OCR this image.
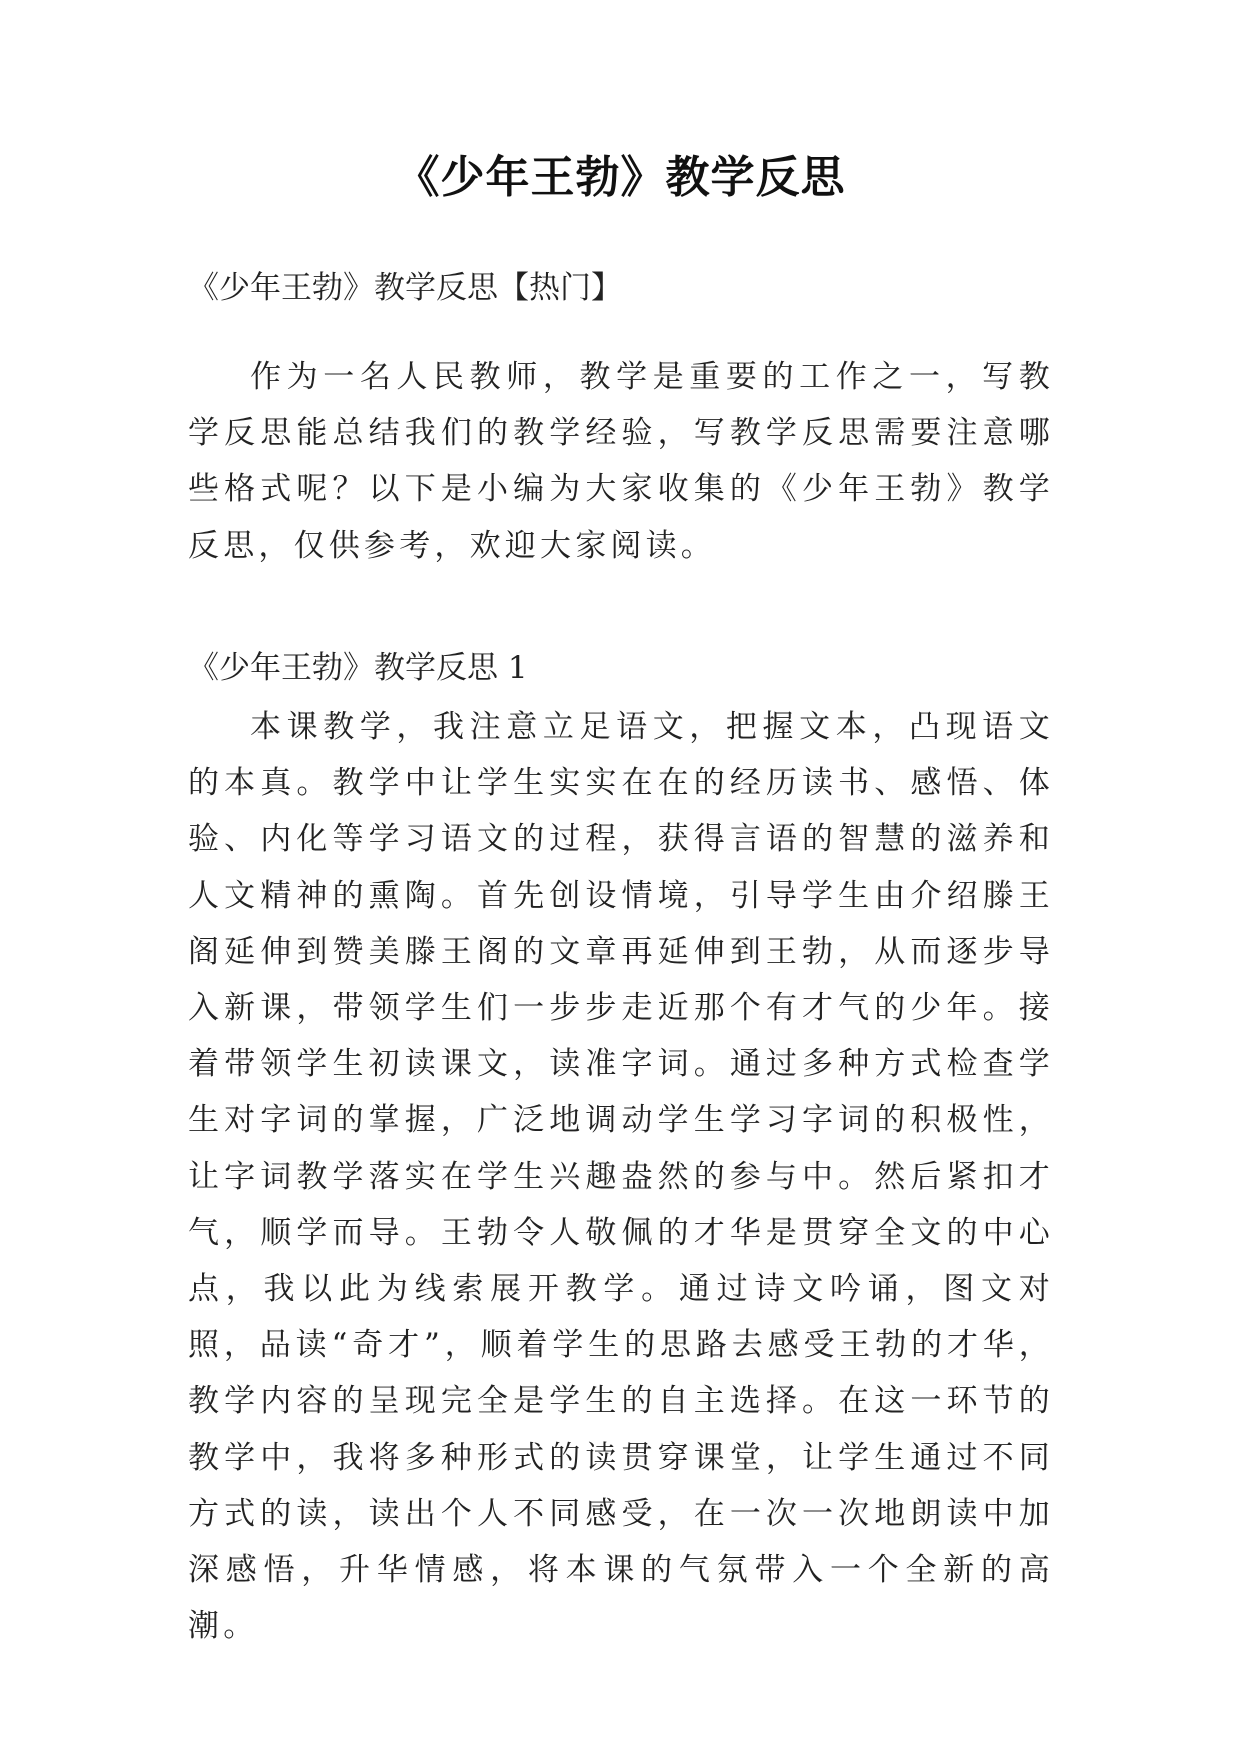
《少年王勃》教学反思
《少年王勃》教学反思【热门】

作为一名人民教师，教学是重要的工作之一，写教学反思能总结我们的教学经验，写教学反思需要注意哪些格式呢？以下是小编为大家收集的《少年王勃》教学反思，仅供参考，欢迎大家阅读。

《少年王勃》教学反思 1

本课教学，我注意立足语文，把握文本，凸现语文的本真。教学中让学生实实在在的经历读书、感悟、体验、内化等学习语文的过程，获得言语的智慧的滋养和人文精神的熏陶。首先创设情境，引导学生由介绍滕王阁延伸到赞美滕王阁的文章再延伸到王勃，从而逐步导入新课，带领学生们一步步走近那个有才气的少年。接着带领学生初读课文，读准字词。通过多种方式检查学生对字词的掌握，广泛地调动学生学习字词的积极性，让字词教学落实在学生兴趣盎然的参与中。然后紧扣才气，顺学而导。王勃令人敬佩的才华是贯穿全文的中心点，我以此为线索展开教学。通过诗文吟诵，图文对照，品读“奇才”，顺着学生的思路去感受王勃的才华，教学内容的呈现完全是学生的自主选择。在这一环节的教学中，我将多种形式的读贯穿课堂，让学生通过不同方式的读，读出个人不同感受，在一次一次地朗读中加深感悟，升华情感，将本课的气氛带入一个全新的高潮。
